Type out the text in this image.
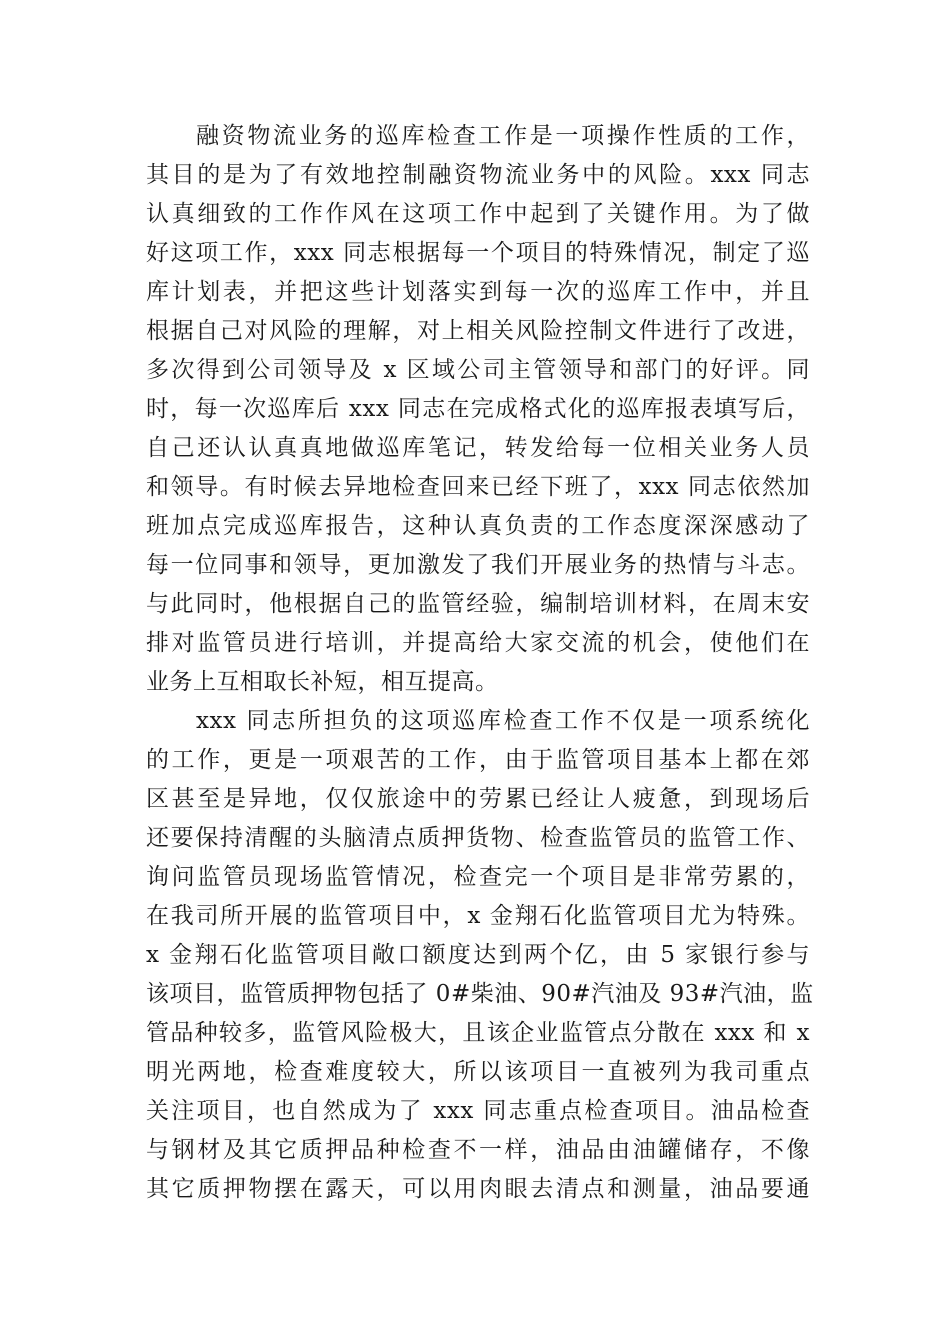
融资物流业务的巡库检查工作是一项操作性质的工作，
其目的是为了有效地控制融资物流业务中的风险。xxx 同志
认真细致的工作作风在这项工作中起到了关键作用。为了做
好这项工作，xxx 同志根据每一个项目的特殊情况，制定了巡
库计划表，并把这些计划落实到每一次的巡库工作中，并且
根据自己对风险的理解，对上相关风险控制文件进行了改进，
多次得到公司领导及 x 区域公司主管领导和部门的好评。同
时，每一次巡库后 xxx 同志在完成格式化的巡库报表填写后，
自己还认认真真地做巡库笔记，转发给每一位相关业务人员
和领导。有时候去异地检查回来已经下班了，xxx 同志依然加
班加点完成巡库报告，这种认真负责的工作态度深深感动了
每一位同事和领导，更加激发了我们开展业务的热情与斗志。
与此同时，他根据自己的监管经验，编制培训材料，在周末安
排对监管员进行培训，并提高给大家交流的机会，使他们在
业务上互相取长补短，相互提高。
xxx 同志所担负的这项巡库检查工作不仅是一项系统化
的工作，更是一项艰苦的工作，由于监管项目基本上都在郊
区甚至是异地，仅仅旅途中的劳累已经让人疲惫，到现场后
还要保持清醒的头脑清点质押货物、检查监管员的监管工作、
询问监管员现场监管情况，检查完一个项目是非常劳累的，
在我司所开展的监管项目中，x 金翔石化监管项目尤为特殊。
x 金翔石化监管项目敞口额度达到两个亿，由 5 家银行参与
该项目，监管质押物包括了 0#柴油、90#汽油及 93#汽油，监
管品种较多，监管风险极大，且该企业监管点分散在 xxx 和 x
明光两地，检查难度较大，所以该项目一直被列为我司重点
关注项目，也自然成为了 xxx 同志重点检查项目。油品检查
与钢材及其它质押品种检查不一样，油品由油罐储存，不像
其它质押物摆在露天，可以用肉眼去清点和测量，油品要通
